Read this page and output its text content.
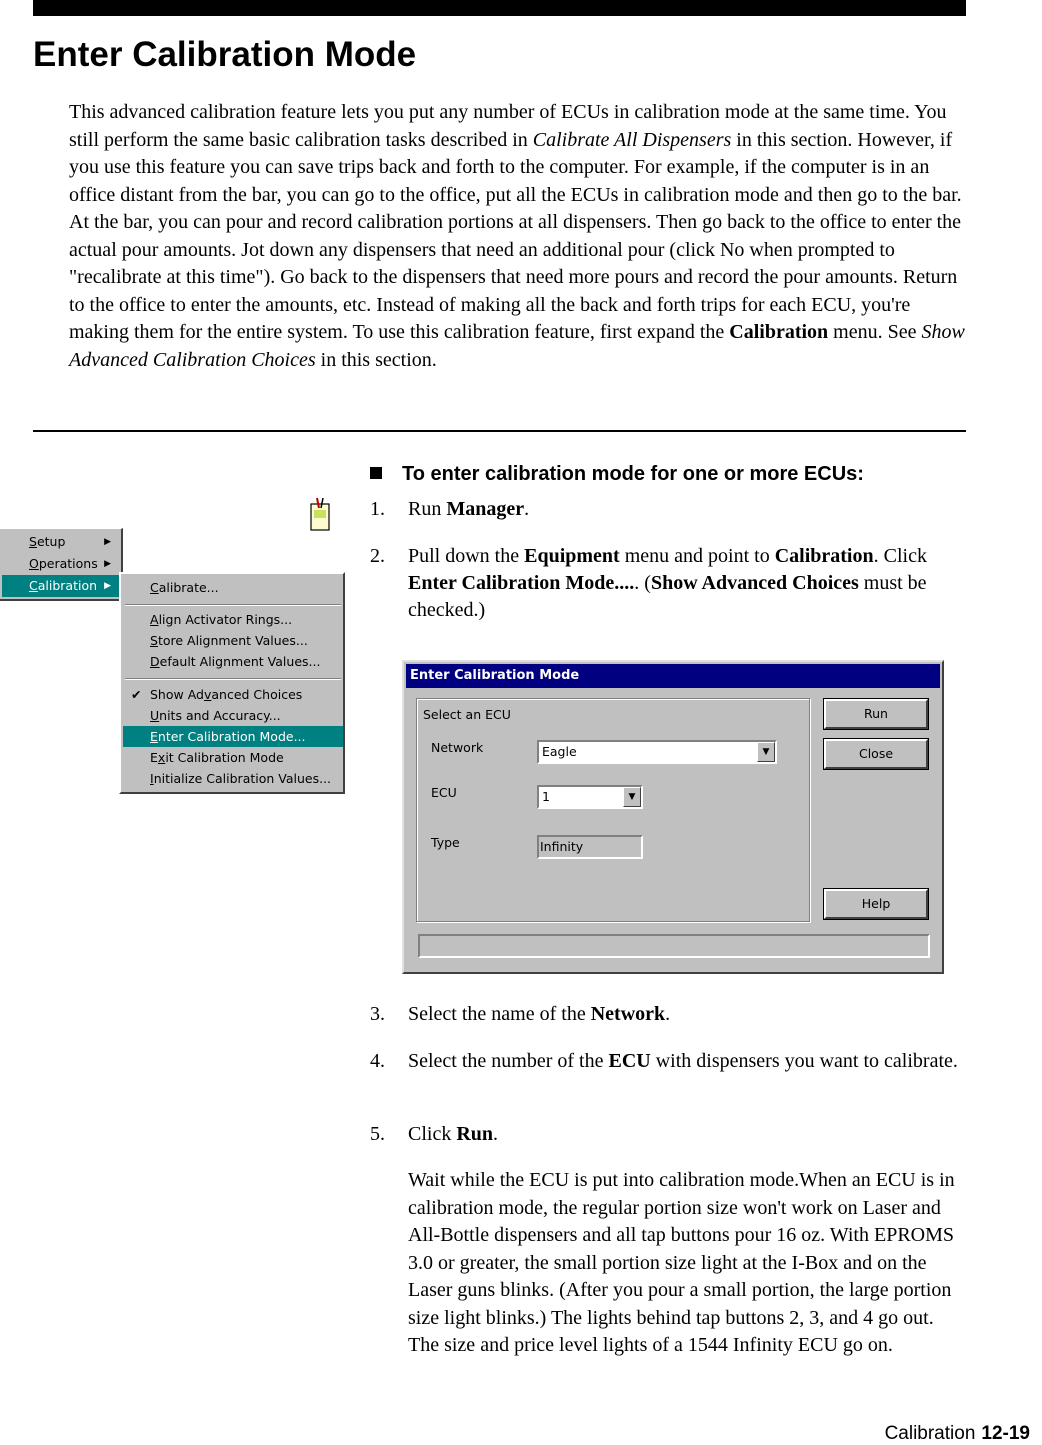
Enter Calibration Mode

This advanced calibration feature lets you put any number of ECUs in calibration mode at the same time. You still perform the same basic calibration tasks described in Calibrate All Dispensers in this section. However, if you use this feature you can save trips back and forth to the computer. For example, if the computer is in an office distant from the bar, you can go to the office, put all the ECUs in calibration mode and then go to the bar. At the bar, you can pour and record calibration portions at all dispensers. Then go back to the office to enter the actual pour amounts. Jot down any dispensers that need an additional pour (click No when prompted to "recalibrate at this time"). Go back to the dispensers that need more pours and record the pour amounts. Return to the office to enter the amounts, etc. Instead of making all the back and forth trips for each ECU, you're making them for the entire system. To use this calibration feature, first expand the Calibration menu. See Show Advanced Calibration Choices in this section.

Setup	▶
Operations ▶
Calibration ▶	Calibrate...
Align Activator Rings...
Store Alignment Values...
Default Alignment Values...
✔ Show Advanced Choices
Units and Accuracy...
Enter Calibration Mode...
Exit Calibration Mode
Initialize Calibration Values...

To enter calibration mode for one or more ECUs:

1. Run Manager.
2. Pull down the Equipment menu and point to Calibration. Click Enter Calibration Mode..... (Show Advanced Choices must be checked.)
Enter Calibration Mode
Select an ECU
Network	Eagle	▼
ECU	1	▼
Type	Infinity
Run
Close
Help
3. Select the name of the Network.
4. Select the number of the ECU with dispensers you want to calibrate.
5. Click Run.

Wait while the ECU is put into calibration mode.When an ECU is in calibration mode, the regular portion size won't work on Laser and All-Bottle dispensers and all tap buttons pour 16 oz. With EPROMS 3.0 or greater, the small portion size light at the I-Box and on the Laser guns blinks. (After you pour a small portion, the large portion size light blinks.) The lights behind tap buttons 2, 3, and 4 go out. The size and price level lights of a 1544 Infinity ECU go on.

Calibration 12-19
